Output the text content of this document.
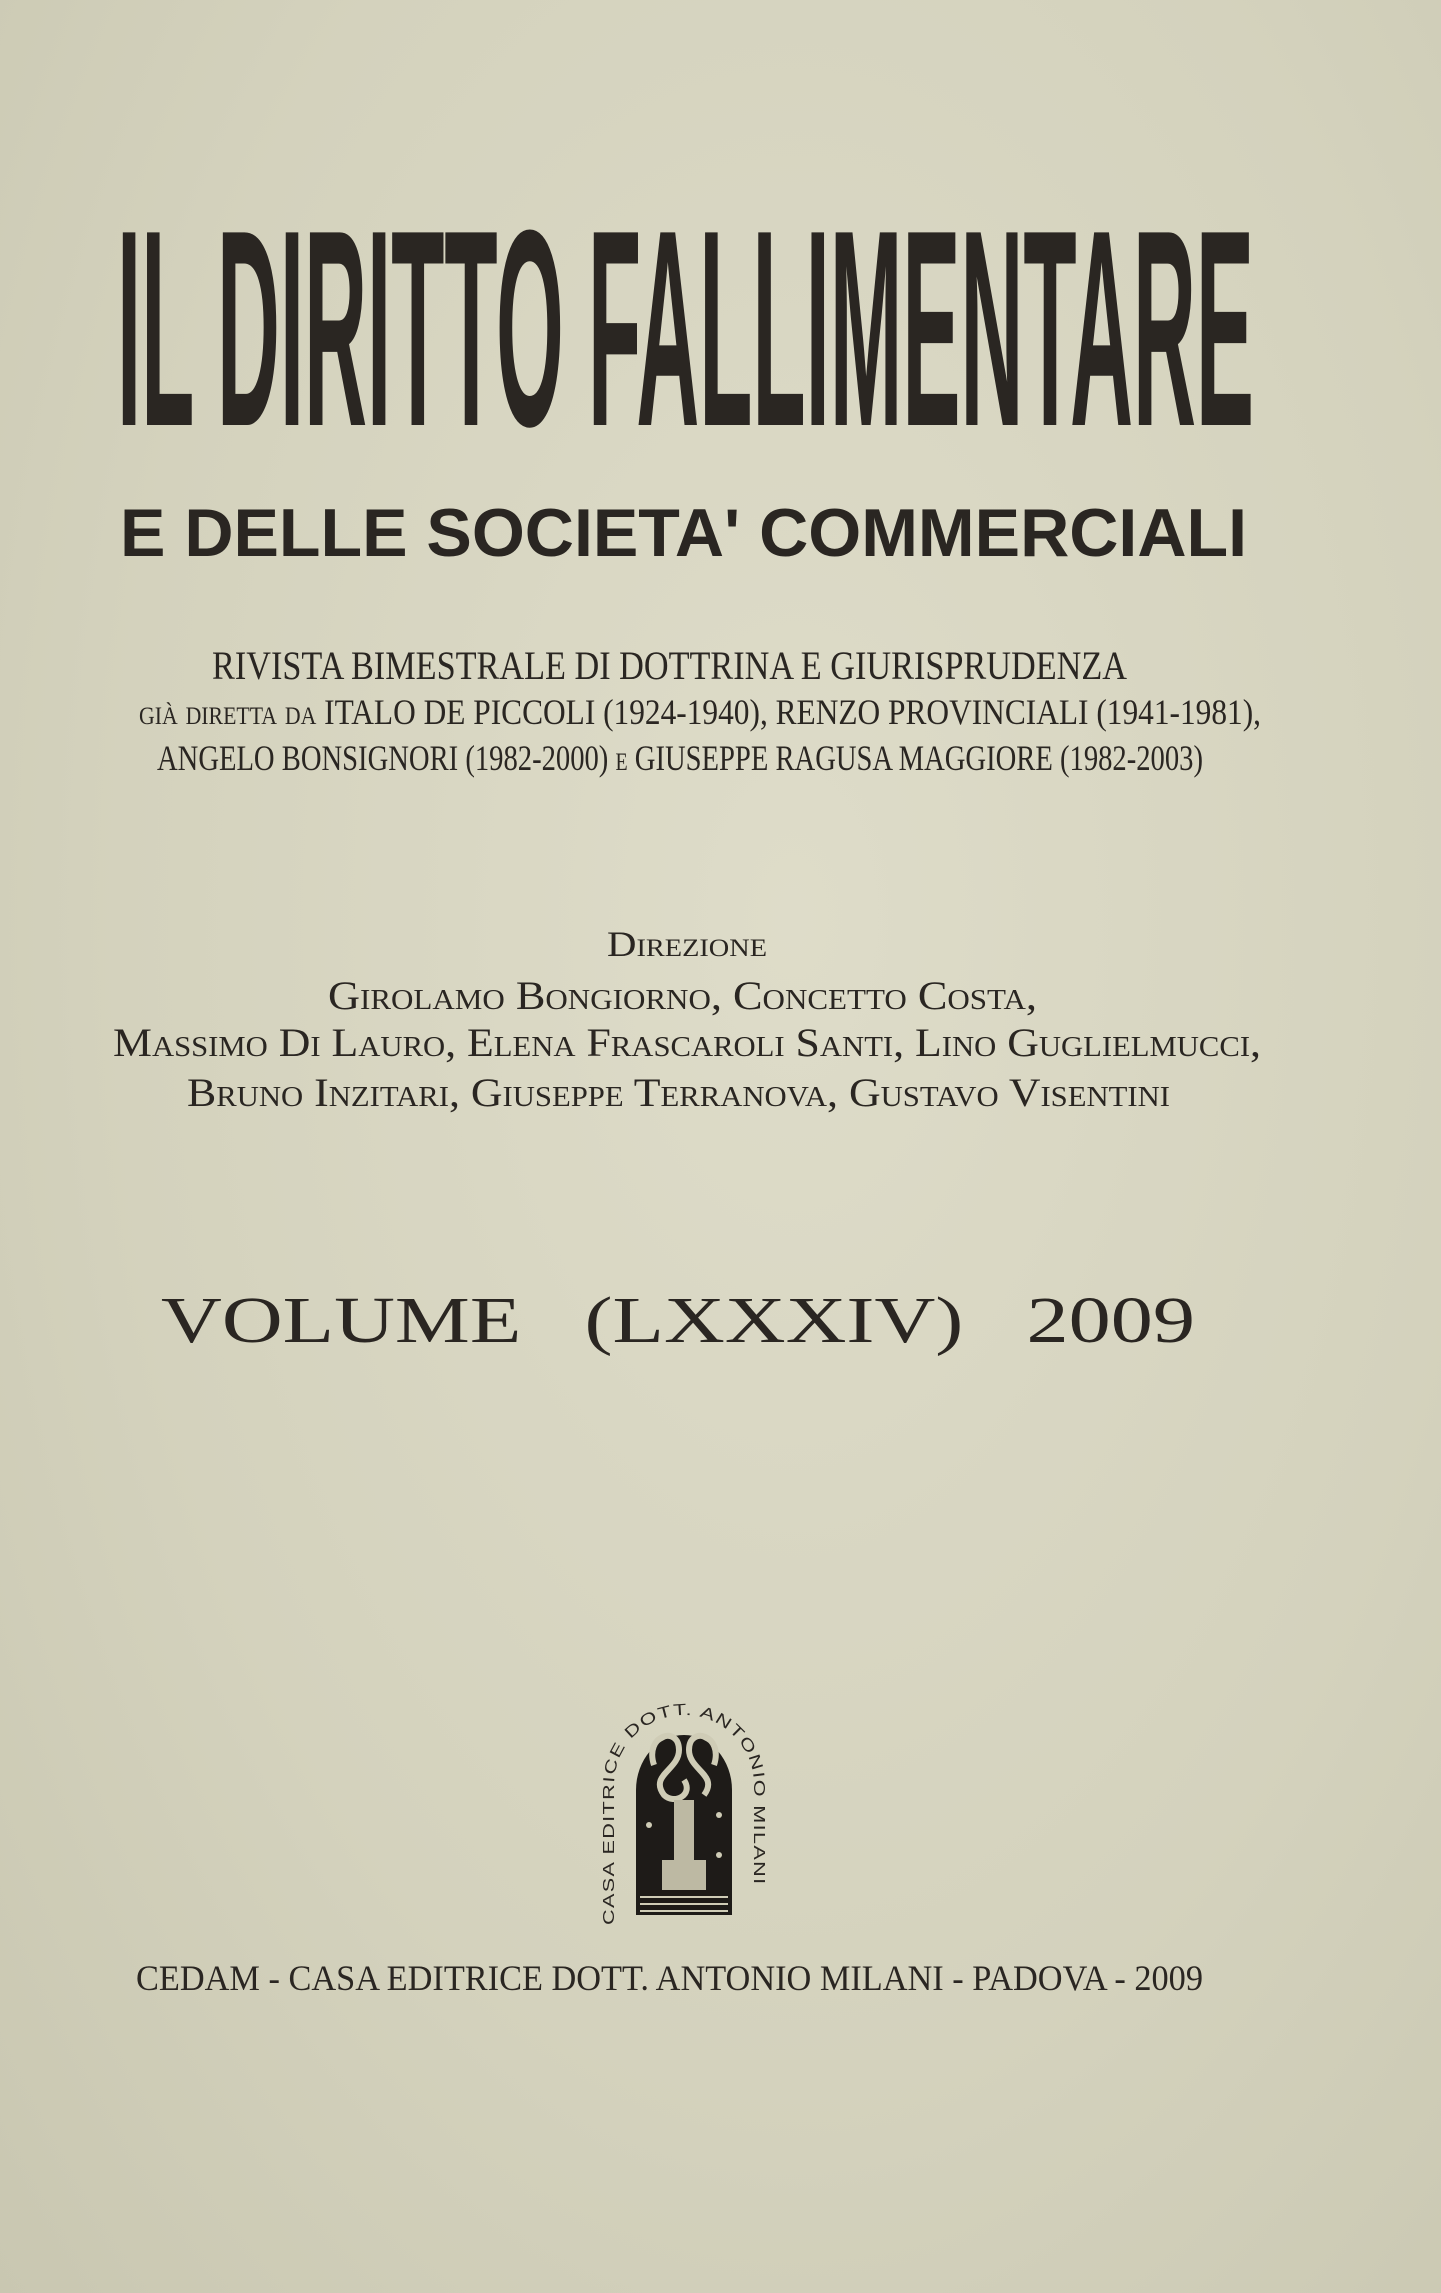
IL DIRITTO FALLIMENTARE
E DELLE SOCIETA' COMMERCIALI
RIVISTA BIMESTRALE DI DOTTRINA E GIURISPRUDENZA
già diretta da ITALO DE PICCOLI (1924-1940), RENZO PROVINCIALI (1941-1981),
ANGELO BONSIGNORI (1982-2000) e GIUSEPPE RAGUSA MAGGIORE (1982-2003)
Direzione
Girolamo Bongiorno, Concetto Costa,
Massimo Di Lauro, Elena Frascaroli Santi, Lino Guglielmucci,
Bruno Inzitari, Giuseppe Terranova, Gustavo Visentini
VOLUME   (LXXXIV)   2009
CASA EDITRICE DOTT. ANTONIO MILANI
CEDAM - CASA EDITRICE DOTT. ANTONIO MILANI - PADOVA - 2009
